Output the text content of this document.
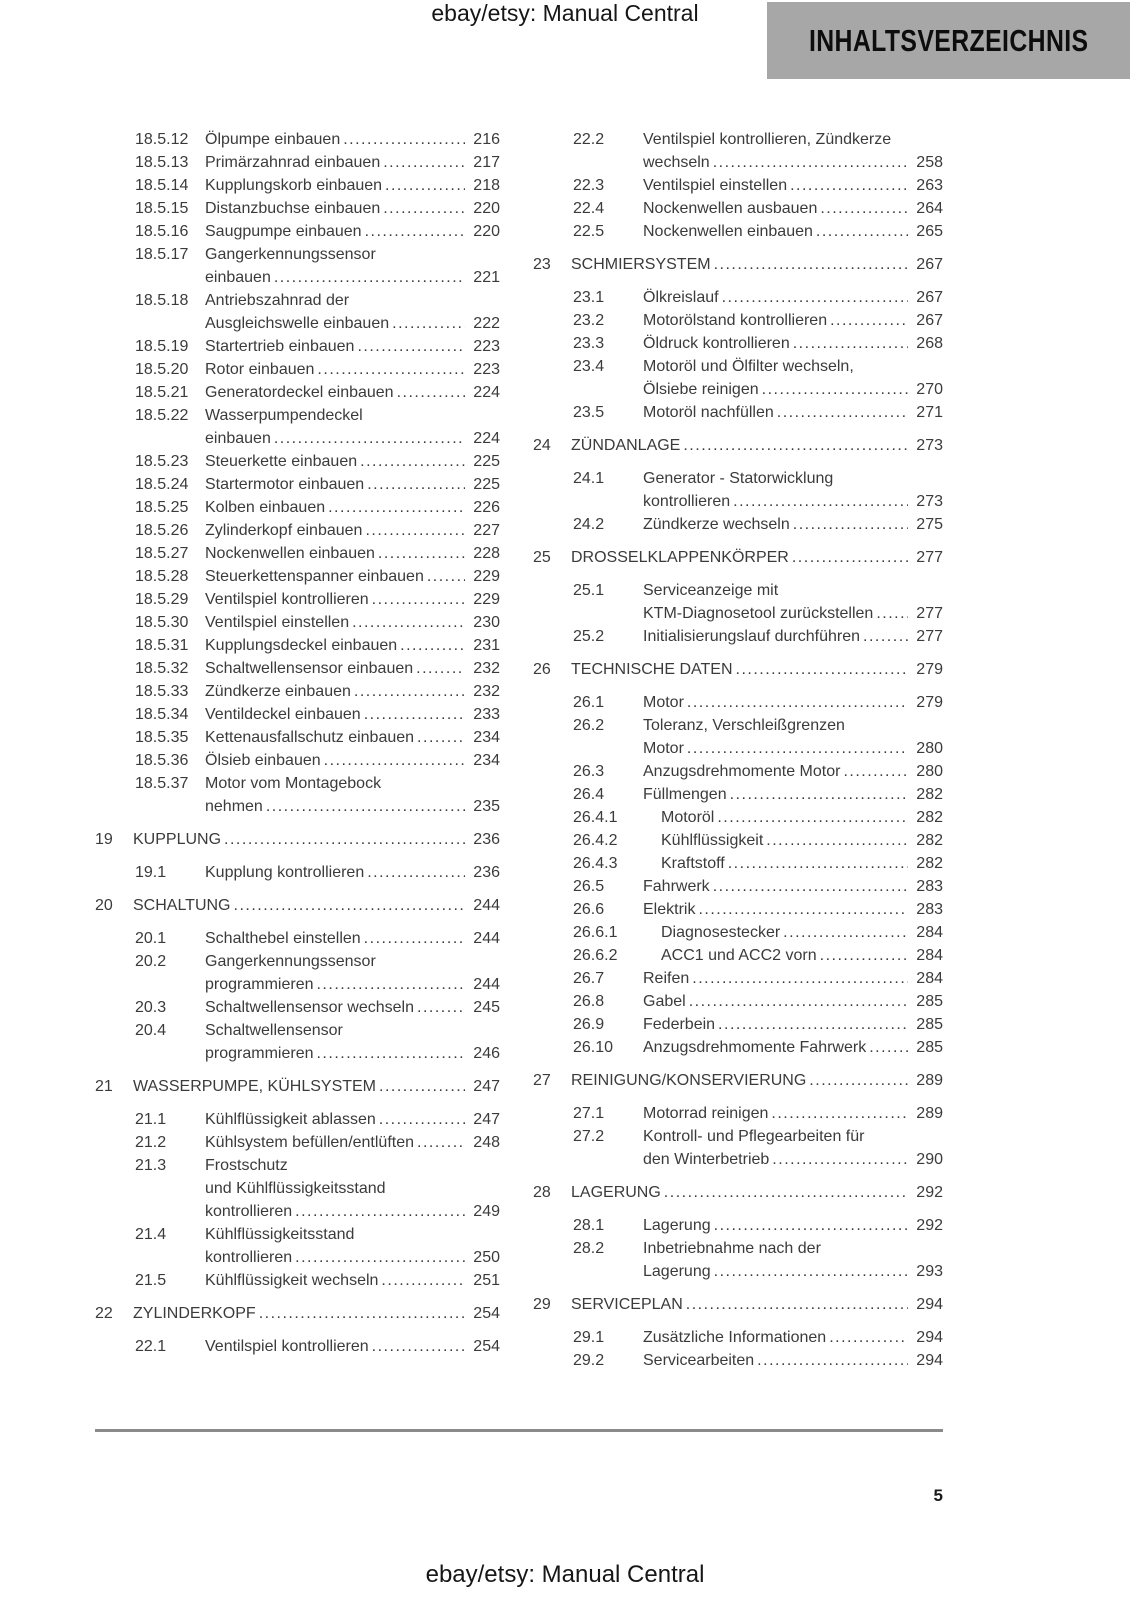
ebay/etsy: Manual Central
INHALTSVERZEICHNIS
18.5.12	Ölpumpe einbauen .....	216
18.5.13	Primärzahnrad einbauen .....	217
18.5.14	Kupplungskorb einbauen .....	218
18.5.15	Distanzbuchse einbauen .....	220
18.5.16	Saugpumpe einbauen .....	220
18.5.17	Gangerkennungssensor
einbauen .....	221
18.5.18	Antriebszahnrad der
Ausgleichswelle einbauen .....	222
18.5.19	Startertrieb einbauen .....	223
18.5.20	Rotor einbauen .....	223
18.5.21	Generatordeckel einbauen .....	224
18.5.22	Wasserpumpendeckel
einbauen .....	224
18.5.23	Steuerkette einbauen .....	225
18.5.24	Startermotor einbauen .....	225
18.5.25	Kolben einbauen .....	226
18.5.26	Zylinderkopf einbauen .....	227
18.5.27	Nockenwellen einbauen .....	228
18.5.28	Steuerkettenspanner einbauen .....	229
18.5.29	Ventilspiel kontrollieren .....	229
18.5.30	Ventilspiel einstellen .....	230
18.5.31	Kupplungsdeckel einbauen .....	231
18.5.32	Schaltwellensensor einbauen .....	232
18.5.33	Zündkerze einbauen .....	232
18.5.34	Ventildeckel einbauen .....	233
18.5.35	Kettenausfallschutz einbauen .....	234
18.5.36	Ölsieb einbauen .....	234
18.5.37	Motor vom Montagebock
nehmen .....	235
19	KUPPLUNG .....	236
19.1	Kupplung kontrollieren .....	236
20	SCHALTUNG .....	244
20.1	Schalthebel einstellen .....	244
20.2	Gangerkennungssensor
programmieren .....	244
20.3	Schaltwellensensor wechseln .....	245
20.4	Schaltwellensensor
programmieren .....	246
21	WASSERPUMPE, KÜHLSYSTEM .....	247
21.1	Kühlflüssigkeit ablassen .....	247
21.2	Kühlsystem befüllen/entlüften .....	248
21.3	Frostschutz
und Kühlflüssigkeitsstand
kontrollieren .....	249
21.4	Kühlflüssigkeitsstand
kontrollieren .....	250
21.5	Kühlflüssigkeit wechseln .....	251
22	ZYLINDERKOPF .....	254
22.1	Ventilspiel kontrollieren .....	254
22.2	Ventilspiel kontrollieren, Zündkerze
wechseln .....	258
22.3	Ventilspiel einstellen .....	263
22.4	Nockenwellen ausbauen .....	264
22.5	Nockenwellen einbauen .....	265
23	SCHMIERSYSTEM .....	267
23.1	Ölkreislauf .....	267
23.2	Motorölstand kontrollieren .....	267
23.3	Öldruck kontrollieren .....	268
23.4	Motoröl und Ölfilter wechseln,
Ölsiebe reinigen .....	270
23.5	Motoröl nachfüllen .....	271
24	ZÜNDANLAGE .....	273
24.1	Generator - Statorwicklung
kontrollieren .....	273
24.2	Zündkerze wechseln .....	275
25	DROSSELKLAPPENKÖRPER .....	277
25.1	Serviceanzeige mit
KTM-Diagnosetool zurückstellen .....	277
25.2	Initialisierungslauf durchführen .....	277
26	TECHNISCHE DATEN .....	279
26.1	Motor .....	279
26.2	Toleranz, Verschleißgrenzen
Motor .....	280
26.3	Anzugsdrehmomente Motor .....	280
26.4	Füllmengen .....	282
26.4.1	Motoröl .....	282
26.4.2	Kühlflüssigkeit .....	282
26.4.3	Kraftstoff .....	282
26.5	Fahrwerk .....	283
26.6	Elektrik .....	283
26.6.1	Diagnosestecker .....	284
26.6.2	ACC1 und ACC2 vorn .....	284
26.7	Reifen .....	284
26.8	Gabel .....	285
26.9	Federbein .....	285
26.10	Anzugsdrehmomente Fahrwerk .....	285
27	REINIGUNG/KONSERVIERUNG .....	289
27.1	Motorrad reinigen .....	289
27.2	Kontroll- und Pflegearbeiten für
den Winterbetrieb .....	290
28	LAGERUNG .....	292
28.1	Lagerung .....	292
28.2	Inbetriebnahme nach der
Lagerung .....	293
29	SERVICEPLAN .....	294
29.1	Zusätzliche Informationen .....	294
29.2	Servicearbeiten .....	294
5
ebay/etsy: Manual Central
